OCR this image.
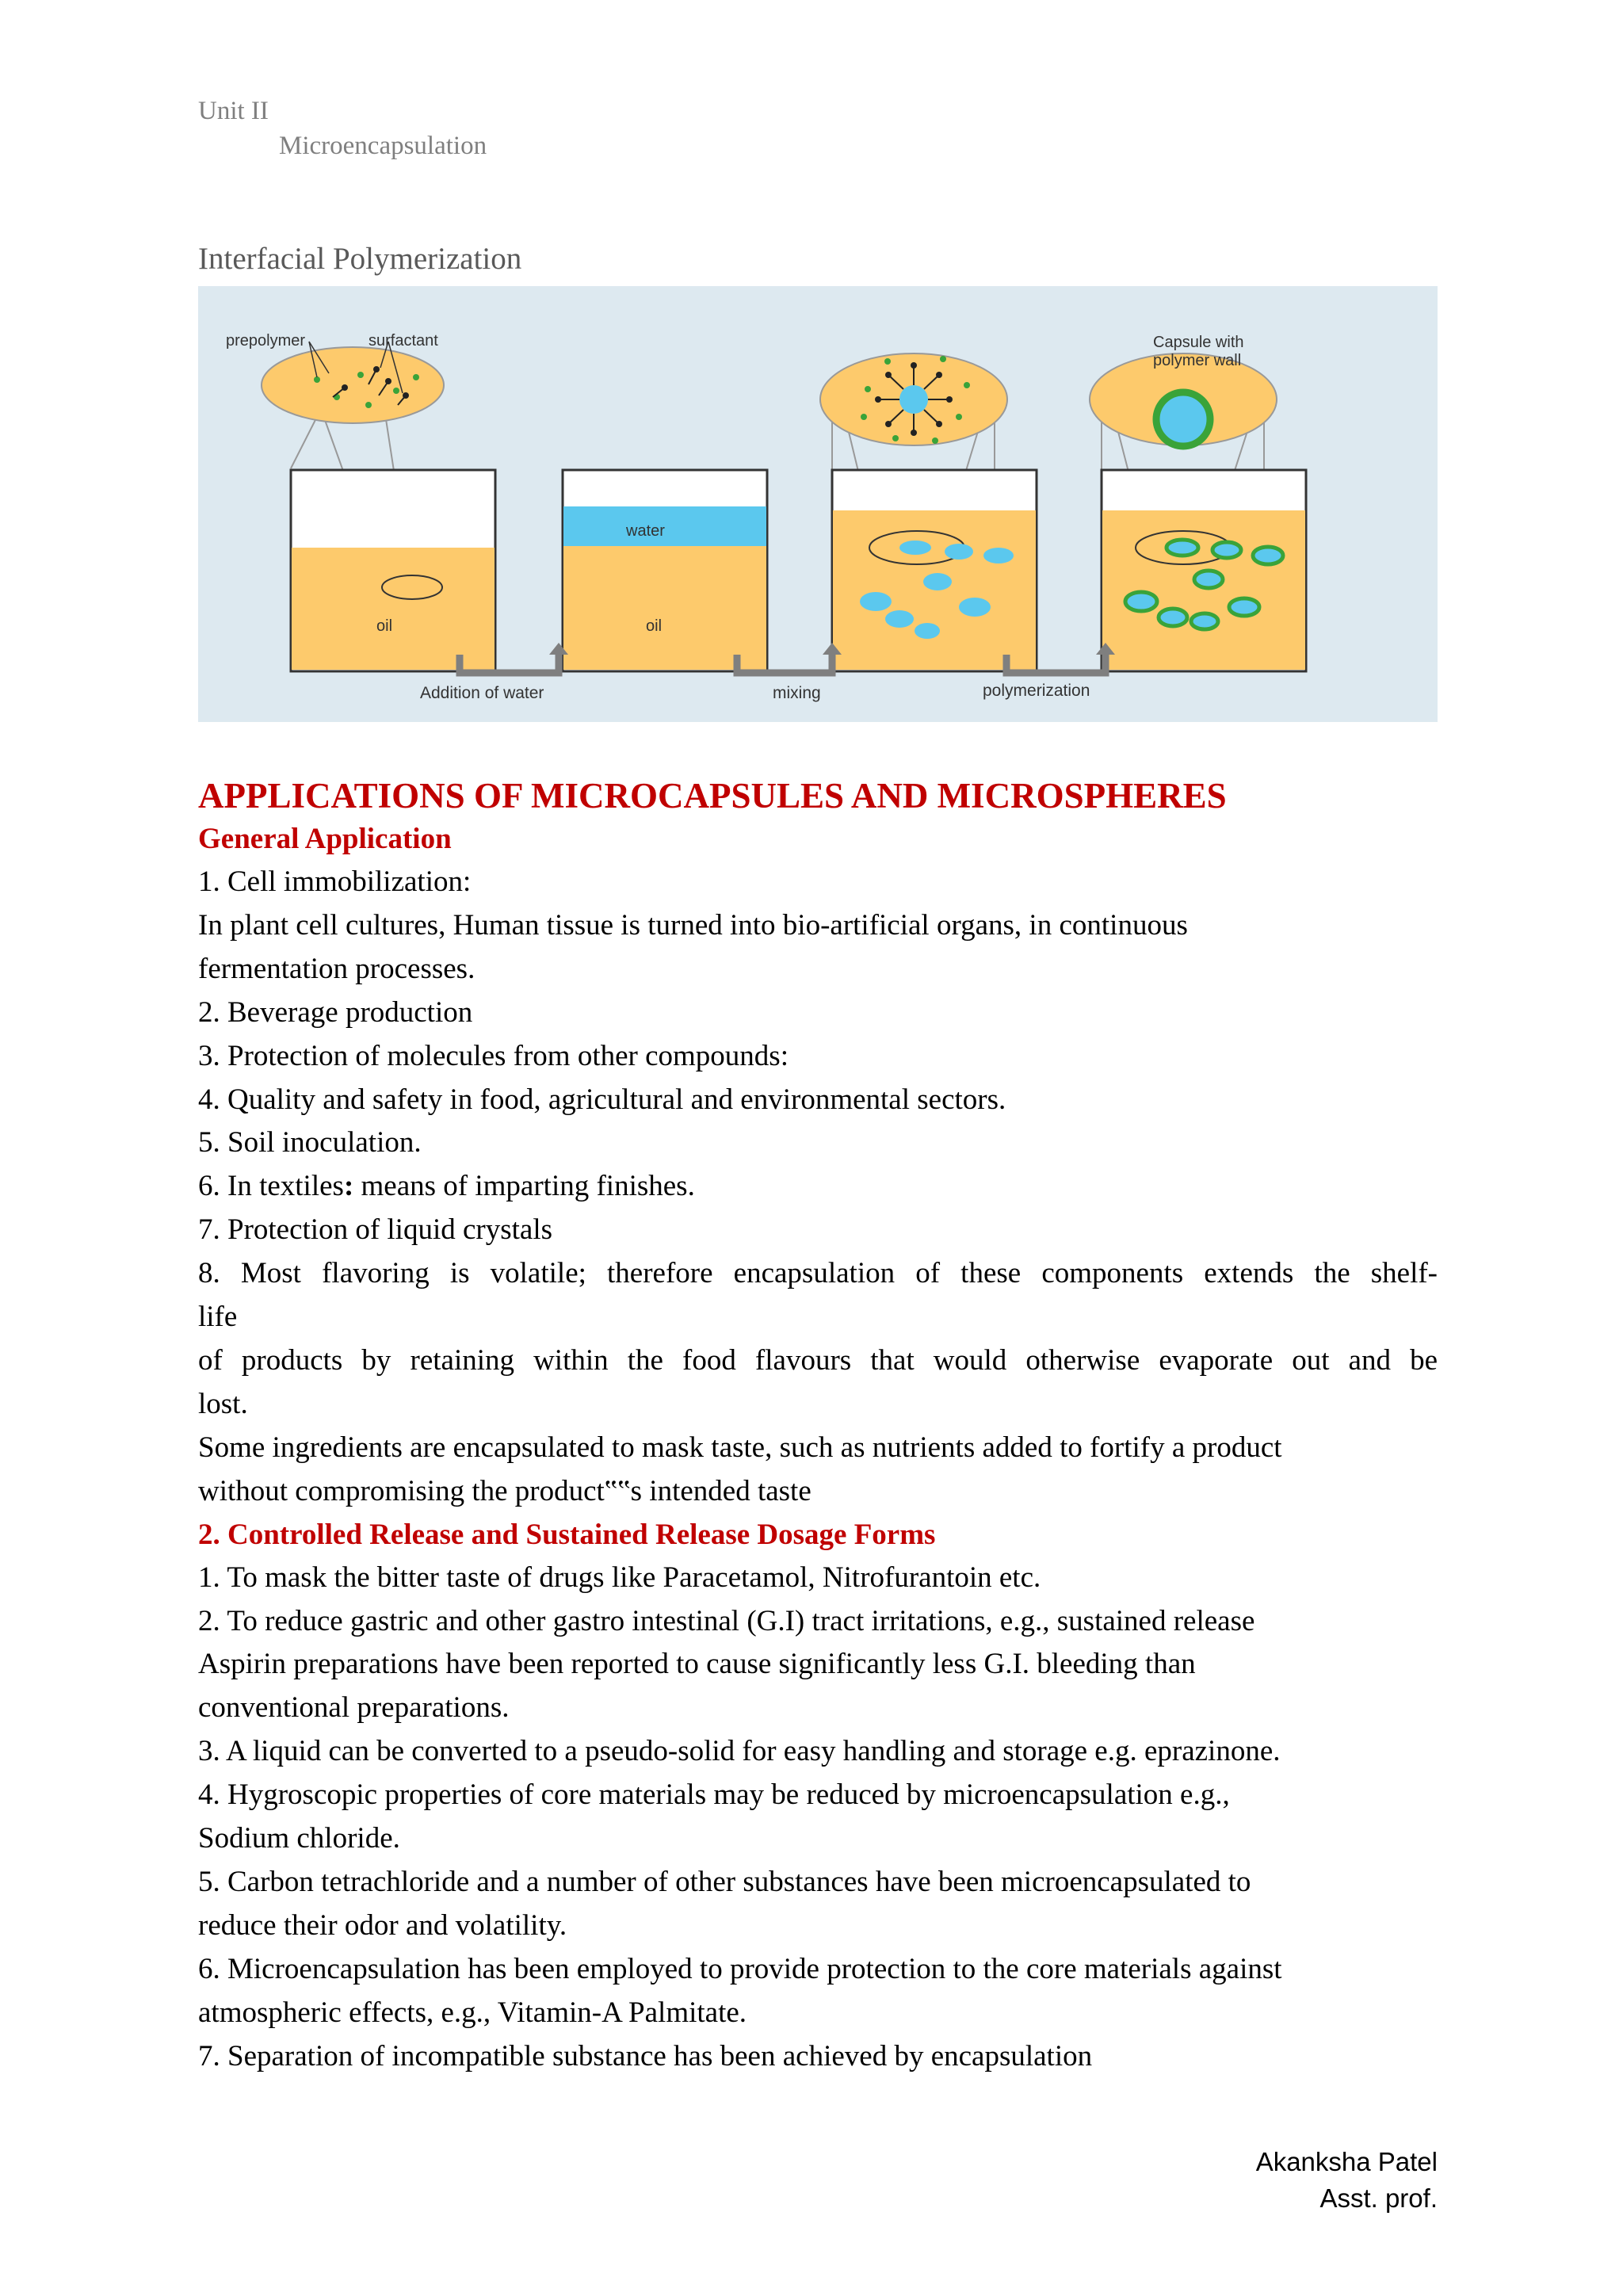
Unit II
Microencapsulation
Interfacial Polymerization
oil
prepolymer	surfactant
water
oil
Capsule with
polymer wall
Addition of water	mixing	polymerization
APPLICATIONS OF MICROCAPSULES AND MICROSPHERES
General Application
1. Cell immobilization:
In plant cell cultures, Human tissue is turned into bio-artificial organs, in continuous
fermentation processes.
2. Beverage production
3. Protection of molecules from other compounds:
4. Quality and safety in food, agricultural and environmental sectors.
5. Soil inoculation.
6. In textiles: means of imparting finishes.
7. Protection of liquid crystals
8. Most flavoring is volatile; therefore encapsulation of these components extends the shelf-
life
of products by retaining within the food flavours that would otherwise evaporate out and be
lost.
Some ingredients are encapsulated to mask taste, such as nutrients added to fortify a product
without compromising the product‟‟s intended taste
2. Controlled Release and Sustained Release Dosage Forms
1. To mask the bitter taste of drugs like Paracetamol, Nitrofurantoin etc.
2. To reduce gastric and other gastro intestinal (G.I) tract irritations, e.g., sustained release
Aspirin preparations have been reported to cause significantly less G.I. bleeding than
conventional preparations.
3. A liquid can be converted to a pseudo-solid for easy handling and storage e.g. eprazinone.
4. Hygroscopic properties of core materials may be reduced by microencapsulation e.g.,
Sodium chloride.
5. Carbon tetrachloride and a number of other substances have been microencapsulated to
reduce their odor and volatility.
6. Microencapsulation has been employed to provide protection to the core materials against
atmospheric effects, e.g., Vitamin-A Palmitate.
7. Separation of incompatible substance has been achieved by encapsulation
Akanksha Patel
Asst. prof.
